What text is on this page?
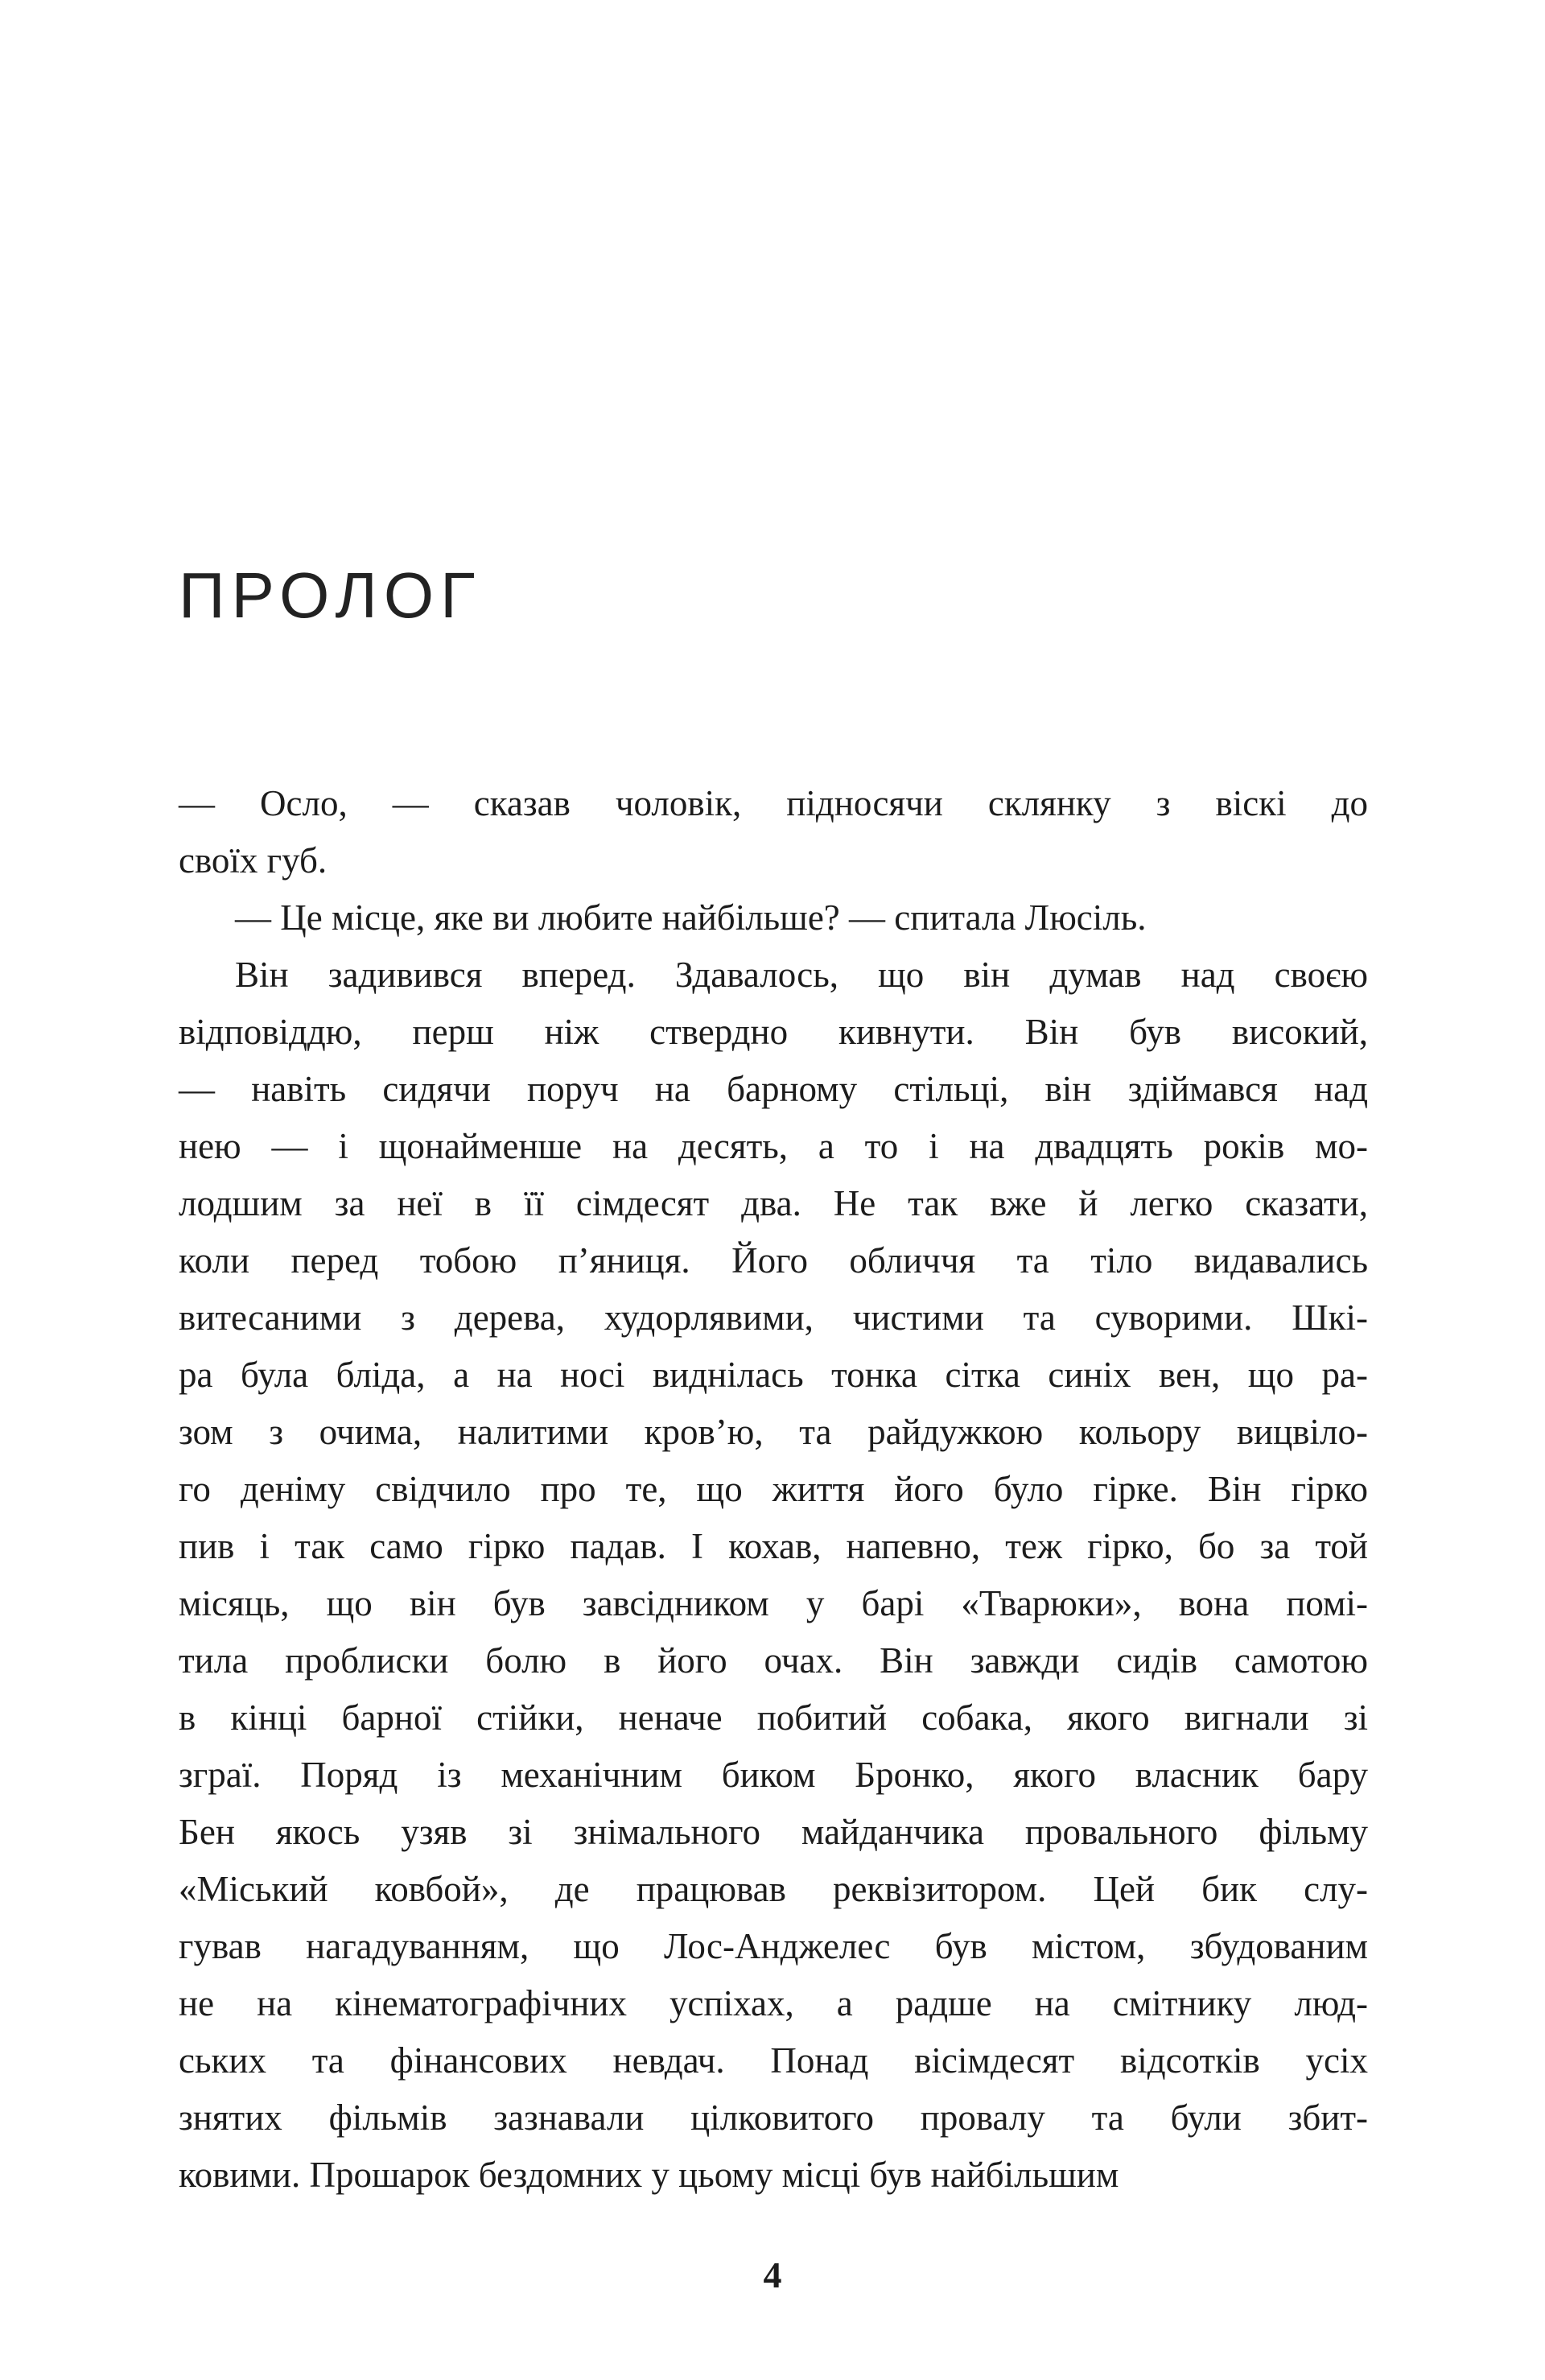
ПРОЛОГ
— Осло, — сказав чоловік, підносячи склянку з віскі до
своїх губ.
— Це місце, яке ви любите найбільше? — спитала Люсіль.
Він задивився вперед. Здавалось, що він думав над своєю
відповіддю, перш ніж ствердно кивнути. Він був високий,
— навіть сидячи поруч на барному стільці, він здіймався над
нею — і щонайменше на десять, а то і на двадцять років мо-
лодшим за неї в її сімдесят два. Не так вже й легко сказати,
коли перед тобою п’яниця. Його обличчя та тіло видавались
витесаними з дерева, худорлявими, чистими та суворими. Шкі-
ра була бліда, а на носі виднілась тонка сітка синіх вен, що ра-
зом з очима, налитими кров’ю, та райдужкою кольору вицвіло-
го деніму свідчило про те, що життя його було гірке. Він гірко
пив і так само гірко падав. І кохав, напевно, теж гірко, бо за той
місяць, що він був завсідником у барі «Тварюки», вона помі-
тила проблиски болю в його очах. Він завжди сидів самотою
в кінці барної стійки, неначе побитий собака, якого вигнали зі
зграї. Поряд із механічним биком Бронко, якого власник бару
Бен якось узяв зі знімального майданчика провального фільму
«Міський ковбой», де працював реквізитором. Цей бик слу-
гував нагадуванням, що Лос-Анджелес був містом, збудованим
не на кінематографічних успіхах, а радше на смітнику люд-
ських та фінансових невдач. Понад вісімдесят відсотків усіх
знятих фільмів зазнавали цілковитого провалу та були збит-
ковими. Прошарок бездомних у цьому місці був найбільшим
4
